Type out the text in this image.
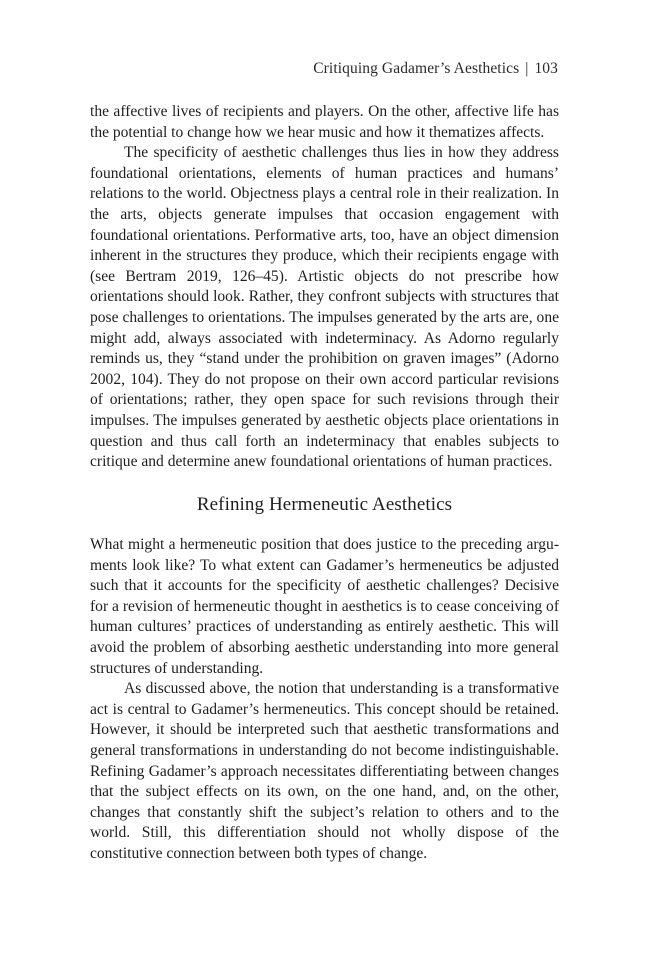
Critiquing Gadamer’s Aesthetics | 103

the affective lives of recipients and players. On the other, affective life has the potential to change how we hear music and how it thematizes affects.

The specificity of aesthetic challenges thus lies in how they address foundational orientations, elements of human practices and humans’ relations to the world. Objectness plays a central role in their realization. In the arts, objects generate impulses that occasion engagement with foundational orientations. Performative arts, too, have an object dimension inherent in the structures they produce, which their recipients engage with (see Bertram 2019, 126–45). Artistic objects do not prescribe how orientations should look. Rather, they confront subjects with structures that pose challenges to orientations. The impulses generated by the arts are, one might add, always associated with indeterminacy. As Adorno regularly reminds us, they “stand under the prohibition on graven images” (Adorno 2002, 104). They do not propose on their own accord particular revisions of orientations; rather, they open space for such revisions through their impulses. The impulses generated by aesthetic objects place orientations in question and thus call forth an indeterminacy that enables subjects to critique and determine anew foundational orientations of human practices.

Refining Hermeneutic Aesthetics

What might a hermeneutic position that does justice to the preceding arguments look like? To what extent can Gadamer’s hermeneutics be adjusted such that it accounts for the specificity of aesthetic challenges? Decisive for a revision of hermeneutic thought in aesthetics is to cease conceiving of human cultures’ practices of understanding as entirely aesthetic. This will avoid the problem of absorbing aesthetic understanding into more general structures of understanding.

As discussed above, the notion that understanding is a transformative act is central to Gadamer’s hermeneutics. This concept should be retained. However, it should be interpreted such that aesthetic transformations and general transformations in understanding do not become indistinguishable. Refining Gadamer’s approach necessitates differentiating between changes that the subject effects on its own, on the one hand, and, on the other, changes that constantly shift the subject’s relation to others and to the world. Still, this differentiation should not wholly dispose of the constitutive connection between both types of change.
